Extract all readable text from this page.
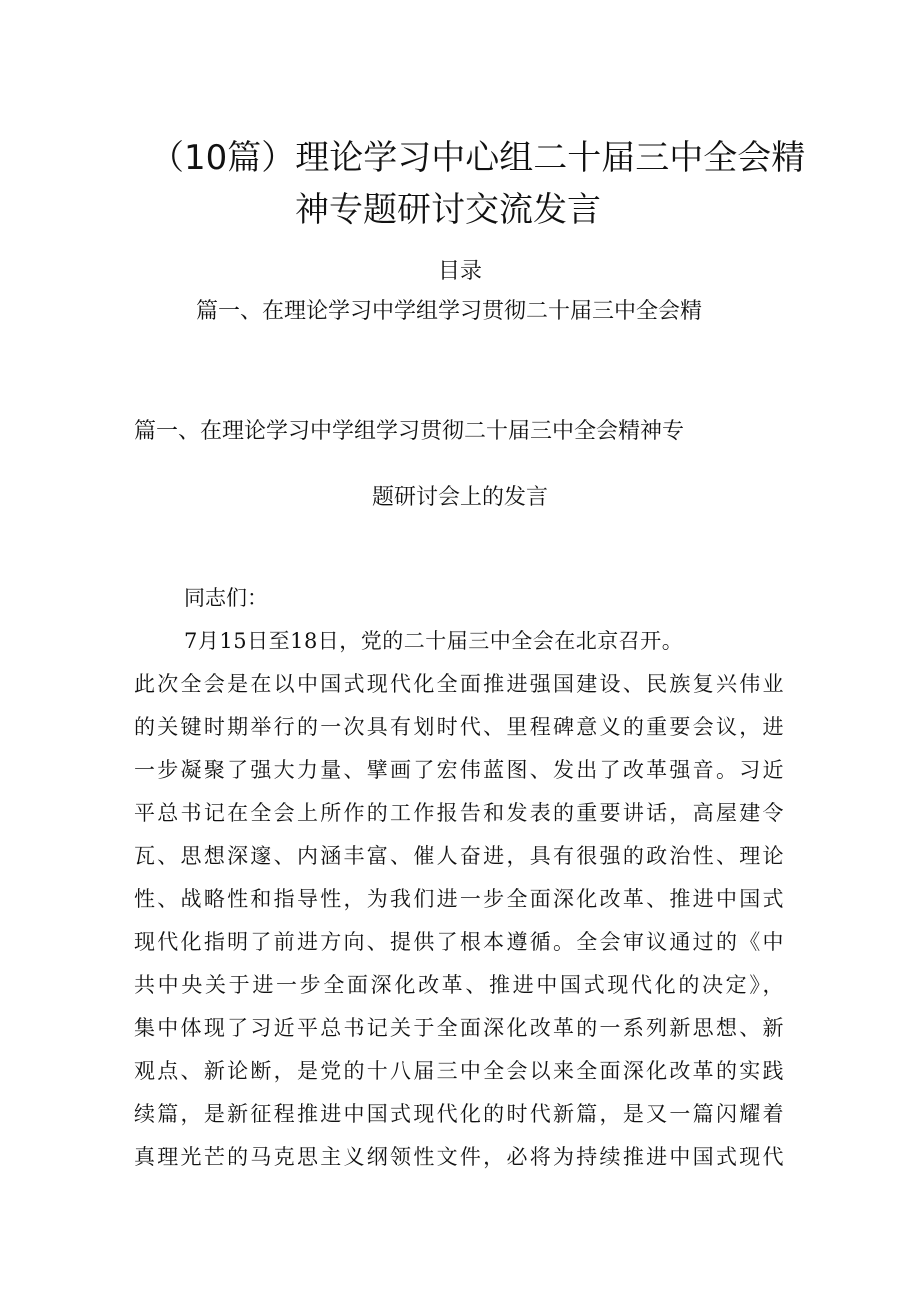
（10篇）理论学习中心组二十届三中全会精
神专题研讨交流发言
目录
篇一、在理论学习中学组学习贯彻二十届三中全会精
篇一、在理论学习中学组学习贯彻二十届三中全会精神专
题研讨会上的发言
同志们：
7月15日至18日，党的二十届三中全会在北京召开。
此次全会是在以中国式现代化全面推进强国建设、民族复兴伟业
的关键时期举行的一次具有划时代、里程碑意义的重要会议，进
一步凝聚了强大力量、擘画了宏伟蓝图、发出了改革强音。习近
平总书记在全会上所作的工作报告和发表的重要讲话，高屋建令
瓦、思想深邃、内涵丰富、催人奋进，具有很强的政治性、理论
性、战略性和指导性，为我们进一步全面深化改革、推进中国式
现代化指明了前进方向、提供了根本遵循。全会审议通过的《中
共中央关于进一步全面深化改革、推进中国式现代化的决定》，
集中体现了习近平总书记关于全面深化改革的一系列新思想、新
观点、新论断，是党的十八届三中全会以来全面深化改革的实践
续篇，是新征程推进中国式现代化的时代新篇，是又一篇闪耀着
真理光芒的马克思主义纲领性文件，必将为持续推进中国式现代
